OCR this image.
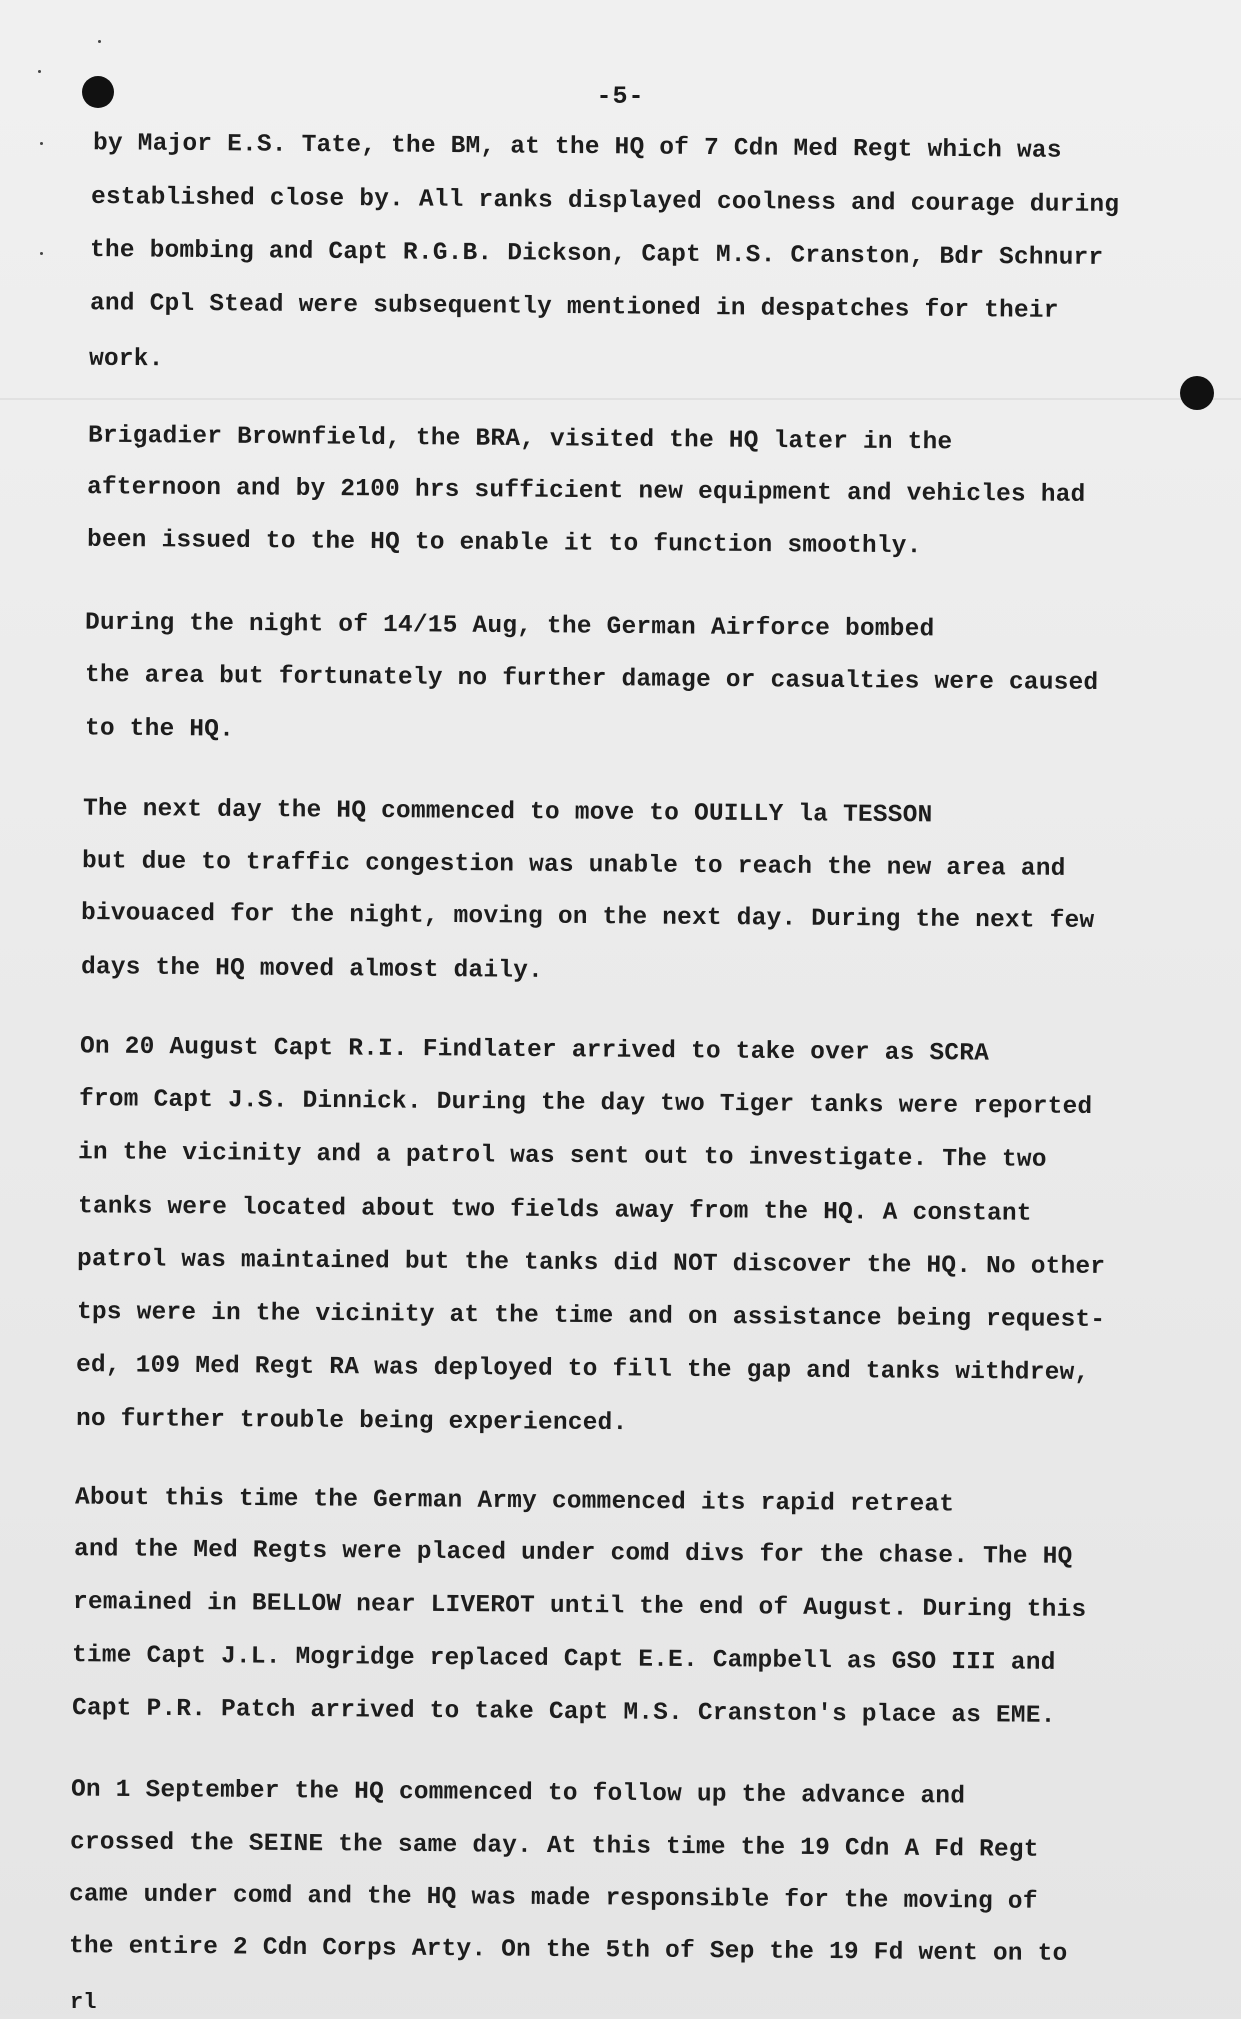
-5-
by Major E.S. Tate, the BM, at the HQ of 7 Cdn Med Regt which was
established close by. All ranks displayed coolness and courage during
the bombing and Capt R.G.B. Dickson, Capt M.S. Cranston, Bdr Schnurr
and Cpl Stead were subsequently mentioned in despatches for their
work.
Brigadier Brownfield, the BRA, visited the HQ later in the
afternoon and by 2100 hrs sufficient new equipment and vehicles had
been issued to the HQ to enable it to function smoothly.
During the night of 14/15 Aug, the German Airforce bombed
the area but fortunately no further damage or casualties were caused
to the HQ.
The next day the HQ commenced to move to OUILLY la TESSON
but due to traffic congestion was unable to reach the new area and
bivouaced for the night, moving on the next day. During the next few
days the HQ moved almost daily.
On 20 August Capt R.I. Findlater arrived to take over as SCRA
from Capt J.S. Dinnick. During the day two Tiger tanks were reported
in the vicinity and a patrol was sent out to investigate. The two
tanks were located about two fields away from the HQ. A constant
patrol was maintained but the tanks did NOT discover the HQ. No other
tps were in the vicinity at the time and on assistance being request-
ed, 109 Med Regt RA was deployed to fill the gap and tanks withdrew,
no further trouble being experienced.
About this time the German Army commenced its rapid retreat
and the Med Regts were placed under comd divs for the chase. The HQ
remained in BELLOW near LIVEROT until the end of August. During this
time Capt J.L. Mogridge replaced Capt E.E. Campbell as GSO III and
Capt P.R. Patch arrived to take Capt M.S. Cranston's place as EME.
On 1 September the HQ commenced to follow up the advance and
crossed the SEINE the same day. At this time the 19 Cdn A Fd Regt
came under comd and the HQ was made responsible for the moving of
the entire 2 Cdn Corps Arty. On the 5th of Sep the 19 Fd went on to
rl
